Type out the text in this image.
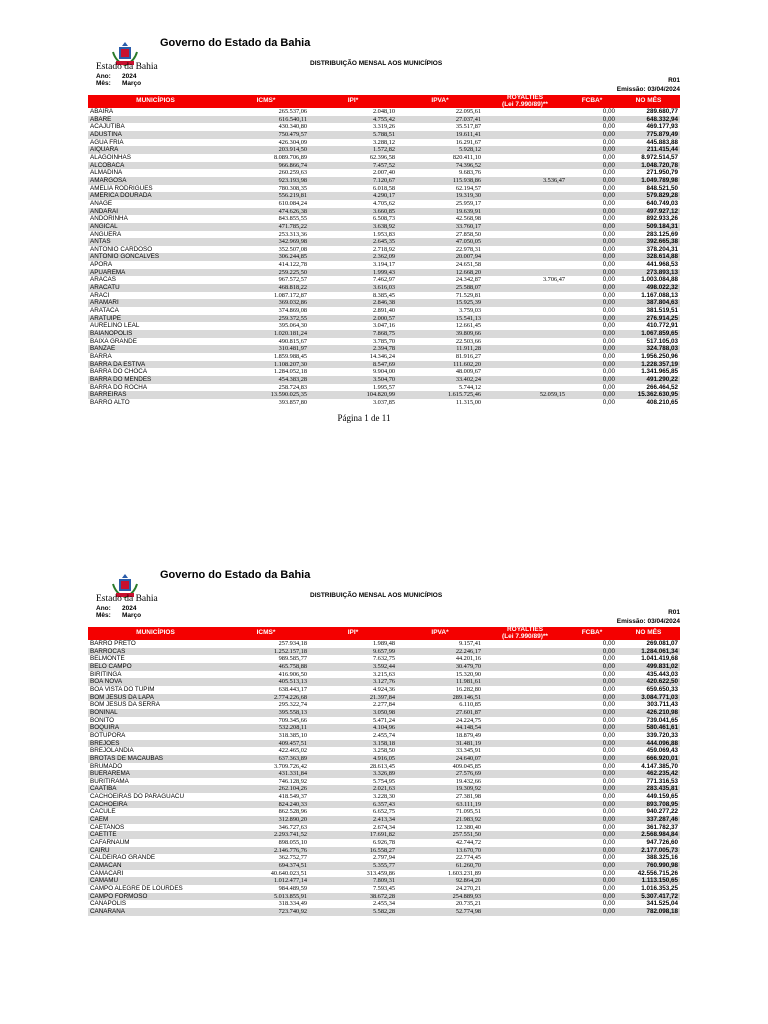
Estado da Bahia
Governo do Estado da Bahia
DISTRIBUIÇÃO MENSAL AOS MUNICÍPIOS
Ano: 2024
Mês: Março	R01
Emissão: 03/04/2024
MUNICÍPIOS	ICMS*	IPI*	IPVA*	ROYALTIES
(Lei 7.990/89)**	FCBA*	NO MÊS
ABAIRA	265.537,06	2.048,10	22.095,61		0,00	289.680,77
ABARE	616.540,11	4.755,42	27.037,41		0,00	648.332,94
ACAJUTIBA	430.340,80	3.319,26	35.517,87		0,00	469.177,93
ADUSTINA	750.479,57	5.788,51	19.611,41		0,00	775.879,49
AGUA FRIA	426.304,09	3.288,12	16.291,67		0,00	445.883,88
AIQUARA	203.914,50	1.572,82	5.928,12		0,00	211.415,44
ALAGOINHAS	8.089.706,89	62.396,58	820.411,10		0,00	8.972.514,57
ALCOBACA	966.866,74	7.457,52	74.396,52		0,00	1.048.720,78
ALMADINA	260.259,63	2.007,40	9.683,76		0,00	271.950,79
AMARGOSA	923.193,98	7.120,67	115.938,86	3.536,47	0,00	1.049.789,98
AMELIA RODRIGUES	780.308,35	6.018,58	62.194,57		0,00	848.521,50
AMERICA DOURADA	556.219,81	4.290,17	19.319,30		0,00	579.829,28
ANAGE	610.084,24	4.705,62	25.959,17		0,00	640.749,03
ANDARAI	474.626,38	3.660,85	19.639,91		0,00	497.927,12
ANDORINHA	843.855,55	6.508,73	42.568,98		0,00	892.933,26
ANGICAL	471.785,22	3.638,92	33.760,17		0,00	509.184,31
ANGUERA	253.313,36	1.953,83	27.858,50		0,00	283.125,69
ANTAS	342.969,98	2.645,35	47.050,05		0,00	392.665,38
ANTONIO CARDOSO	352.507,08	2.718,92	22.978,31		0,00	378.204,31
ANTONIO GONCALVES	306.244,85	2.362,09	20.007,94		0,00	328.614,88
APORA	414.122,78	3.194,17	24.651,58		0,00	441.968,53
APUAREMA	259.225,50	1.999,43	12.668,20		0,00	273.893,13
ARACAS	967.572,57	7.462,97	24.342,87	3.706,47	0,00	1.003.084,88
ARACATU	468.818,22	3.616,03	25.588,07		0,00	498.022,32
ARACI	1.087.172,87	8.385,45	71.529,81		0,00	1.167.088,13
ARAMARI	369.032,86	2.846,38	15.925,39		0,00	387.804,63
ARATACA	374.869,08	2.891,40	3.759,03		0,00	381.519,51
ARATUIPE	259.372,55	2.000,57	15.541,13		0,00	276.914,25
AURELINO LEAL	395.064,30	3.047,16	12.661,45		0,00	410.772,91
BAIANOPOLIS	1.020.181,24	7.868,75	39.809,66		0,00	1.067.859,65
BAIXA GRANDE	490.815,67	3.785,70	22.503,66		0,00	517.105,03
BANZAE	310.481,97	2.394,78	11.911,28		0,00	324.788,03
BARRA	1.859.988,45	14.346,24	81.916,27		0,00	1.956.250,96
BARRA DA ESTIVA	1.108.207,30	8.547,69	111.602,20		0,00	1.228.357,19
BARRA DO CHOCA	1.284.052,18	9.904,00	48.009,67		0,00	1.341.965,85
BARRA DO MENDES	454.383,28	3.504,70	33.402,24		0,00	491.290,22
BARRA DO ROCHA	258.724,83	1.995,57	5.744,12		0,00	266.464,52
BARREIRAS	13.590.025,35	104.820,99	1.615.725,46	52.059,15	0,00	15.362.630,95
BARRO ALTO	393.857,80	3.037,85	11.315,00		0,00	408.210,65
Página 1 de 11
Estado da Bahia
Governo do Estado da Bahia
DISTRIBUIÇÃO MENSAL AOS MUNICÍPIOS
Ano: 2024
Mês: Março	R01
Emissão: 03/04/2024
MUNICÍPIOS	ICMS*	IPI*	IPVA*	ROYALTIES
(Lei 7.990/89)**	FCBA*	NO MÊS
BARRO PRETO	257.934,18	1.989,48	9.157,41		0,00	269.081,07
BARROCAS	1.252.157,18	9.657,99	22.246,17		0,00	1.284.061,34
BELMONTE	989.585,77	7.632,75	44.201,16		0,00	1.041.419,68
BELO CAMPO	465.758,88	3.592,44	30.479,70		0,00	499.831,02
BIRITINGA	416.906,50	3.215,63	15.320,90		0,00	435.443,03
BOA NOVA	405.513,13	3.127,76	11.981,61		0,00	420.622,50
BOA VISTA DO TUPIM	638.443,17	4.924,36	16.282,80		0,00	659.650,33
BOM JESUS DA LAPA	2.774.226,68	21.397,84	289.146,51		0,00	3.084.771,03
BOM JESUS DA SERRA	295.322,74	2.277,84	6.110,85		0,00	303.711,43
BONINAL	395.558,13	3.050,98	27.601,87		0,00	426.210,98
BONITO	709.345,66	5.471,24	24.224,75		0,00	739.041,65
BOQUIRA	532.208,11	4.104,96	44.148,54		0,00	580.461,61
BOTUPORA	318.385,10	2.455,74	18.879,49		0,00	339.720,33
BREJOES	409.457,51	3.158,18	31.481,19		0,00	444.096,88
BREJOLANDIA	422.465,02	3.258,50	33.345,91		0,00	459.069,43
BROTAS DE MACAUBAS	637.363,89	4.916,05	24.640,07		0,00	666.920,01
BRUMADO	3.709.726,42	28.613,45	409.045,85		0,00	4.147.385,70
BUERAREMA	431.331,84	3.326,89	27.576,69		0,00	462.235,42
BURITIRAMA	746.128,92	5.754,95	19.432,66		0,00	771.316,53
CAATIBA	262.104,26	2.021,63	19.309,92		0,00	283.435,81
CACHOEIRAS DO PARAGUACU	418.549,37	3.228,30	27.381,98		0,00	449.159,65
CACHOEIRA	824.240,33	6.357,43	63.111,19		0,00	893.708,95
CACULE	862.528,96	6.652,75	71.095,51		0,00	940.277,22
CAEM	312.890,20	2.413,34	21.983,92		0,00	337.287,46
CAETANOS	346.727,63	2.674,34	12.380,40		0,00	361.782,37
CAETITE	2.293.741,52	17.691,82	257.551,50		0,00	2.568.984,84
CAFARNAUM	898.055,10	6.926,78	42.744,72		0,00	947.726,60
CAIRU	2.146.776,76	16.558,27	13.670,70		0,00	2.177.005,73
CALDEIRAO GRANDE	362.752,77	2.797,94	22.774,45		0,00	388.325,16
CAMACAN	694.374,51	5.355,77	61.260,70		0,00	760.990,98
CAMACARI	40.640.023,51	313.459,86	1.603.231,89		0,00	42.556.715,26
CAMAMU	1.012.477,14	7.809,31	92.864,20		0,00	1.113.150,65
CAMPO ALEGRE DE LOURDES	984.489,59	7.593,45	24.270,21		0,00	1.016.353,25
CAMPO FORMOSO	5.013.855,91	38.672,28	254.889,93		0,00	5.307.417,72
CANAPOLIS	318.334,49	2.455,34	20.735,21		0,00	341.525,04
CANARANA	723.740,92	5.582,28	52.774,98		0,00	782.098,18
